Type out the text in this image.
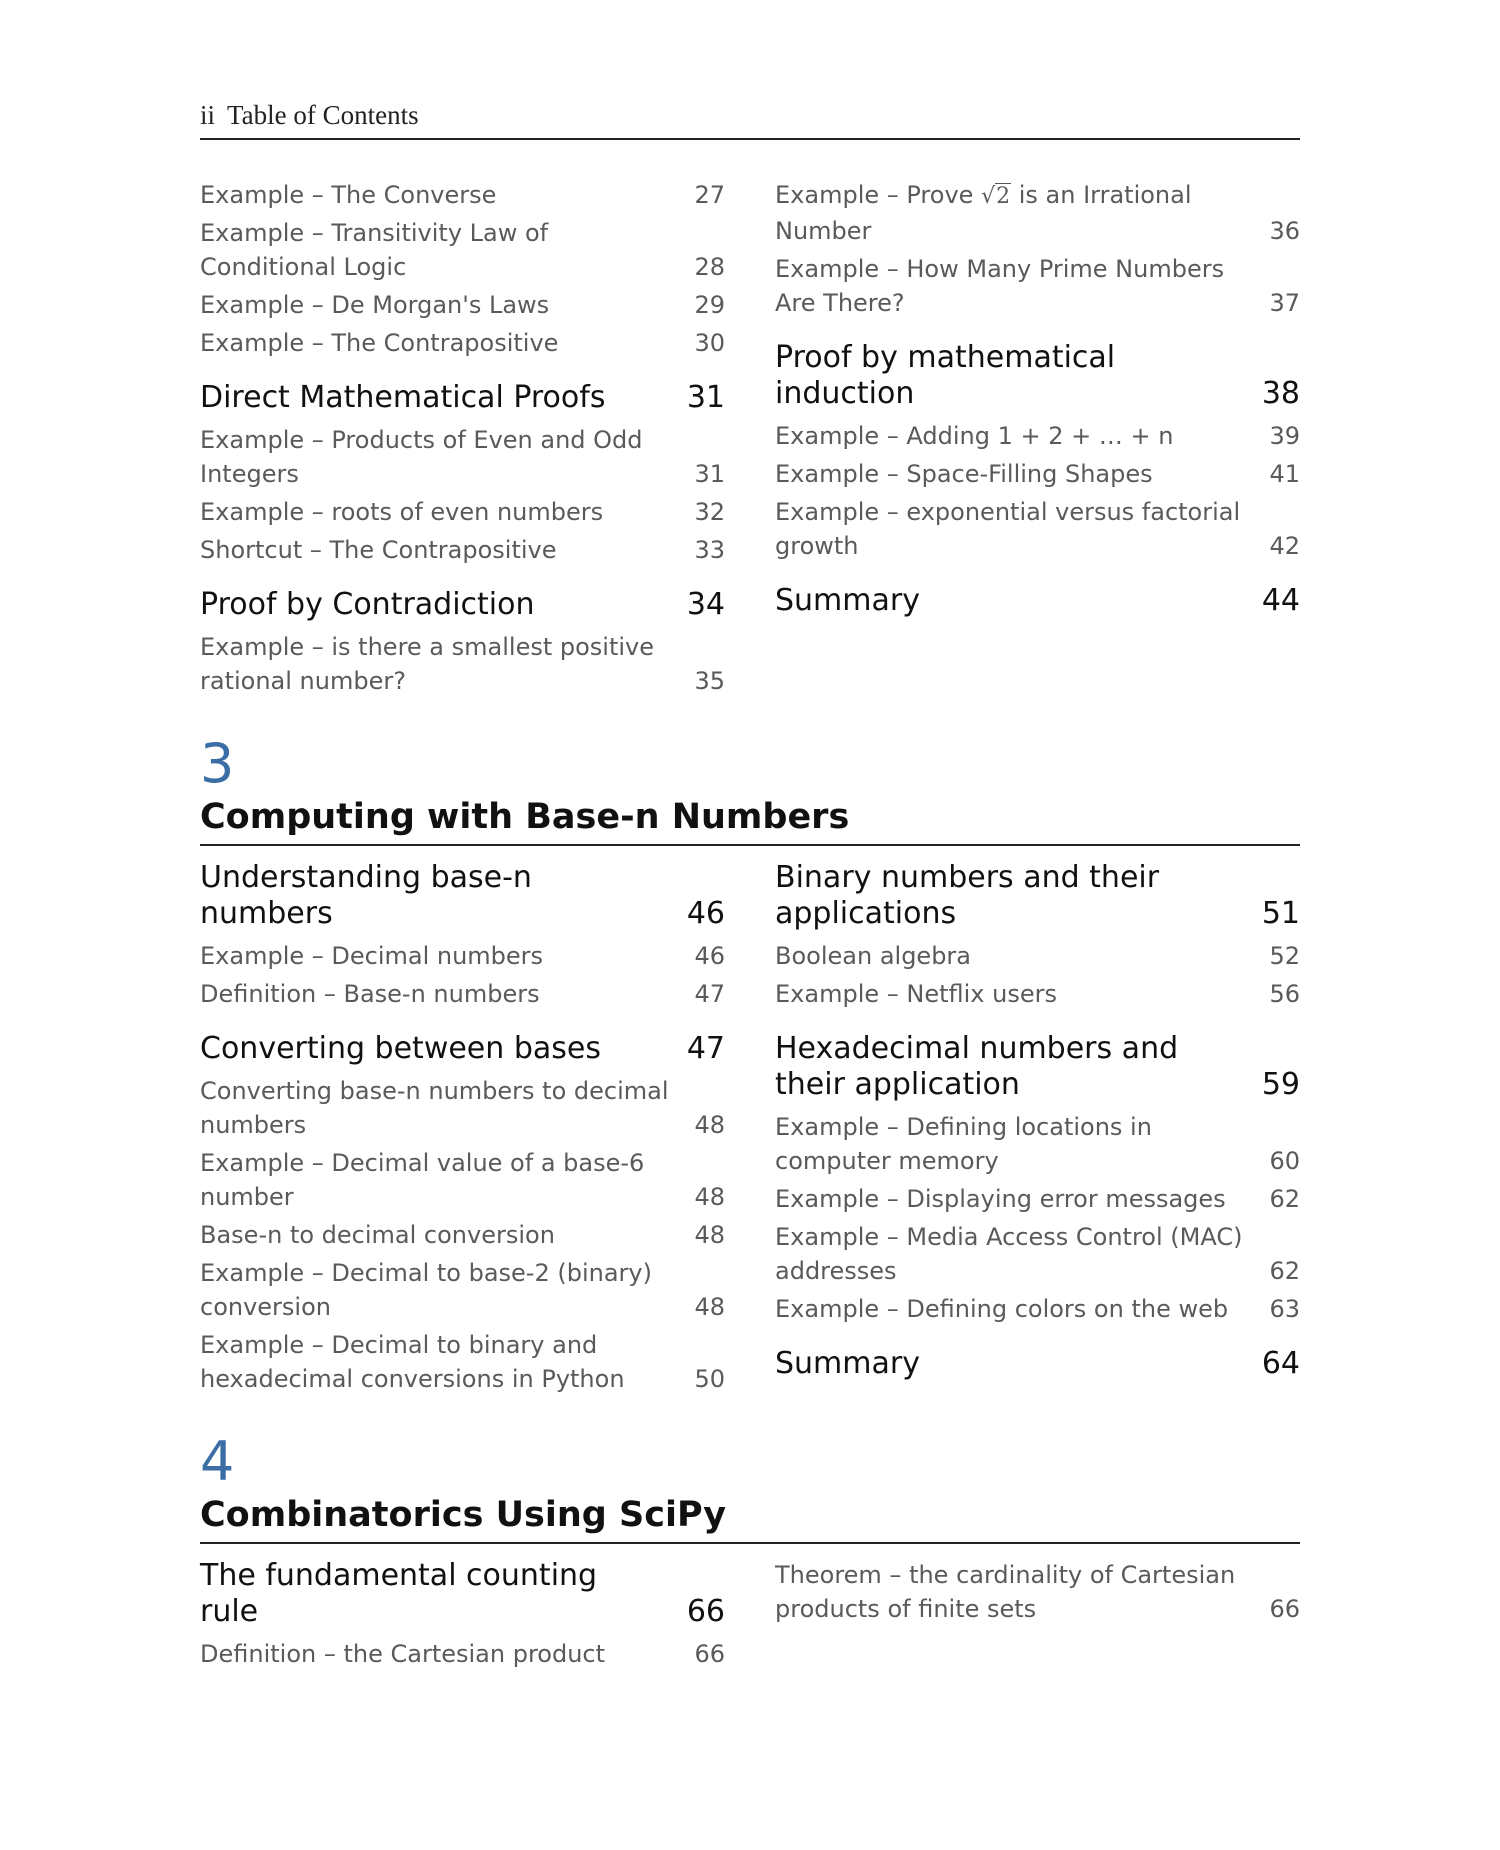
ii Table of Contents
Example – The Converse	27
Example – Transitivity Law of Conditional Logic	28
Example – De Morgan's Laws	29
Example – The Contrapositive	30
Direct Mathematical Proofs	31
Example – Products of Even and Odd Integers	31
Example – roots of even numbers	32
Shortcut – The Contrapositive	33
Proof by Contradiction	34
Example – is there a smallest positive rational number?	35
Example – Prove √2 is an Irrational Number	36
Example – How Many Prime Numbers Are There?	37
Proof by mathematical induction	38
Example – Adding 1 + 2 + … + n	39
Example – Space-Filling Shapes	41
Example – exponential versus factorial growth	42
Summary	44
3
Computing with Base-n Numbers
Understanding base-n numbers	46
Example – Decimal numbers	46
Definition – Base-n numbers	47
Converting between bases	47
Converting base-n numbers to decimal numbers	48
Example – Decimal value of a base-6 number	48
Base-n to decimal conversion	48
Example – Decimal to base-2 (binary) conversion	48
Example – Decimal to binary and hexadecimal conversions in Python	50
Binary numbers and their applications	51
Boolean algebra	52
Example – Netflix users	56
Hexadecimal numbers and their application	59
Example – Defining locations in computer memory	60
Example – Displaying error messages	62
Example – Media Access Control (MAC) addresses	62
Example – Defining colors on the web	63
Summary	64
4
Combinatorics Using SciPy
The fundamental counting rule	66
Definition – the Cartesian product	66
Theorem – the cardinality of Cartesian products of finite sets	66
